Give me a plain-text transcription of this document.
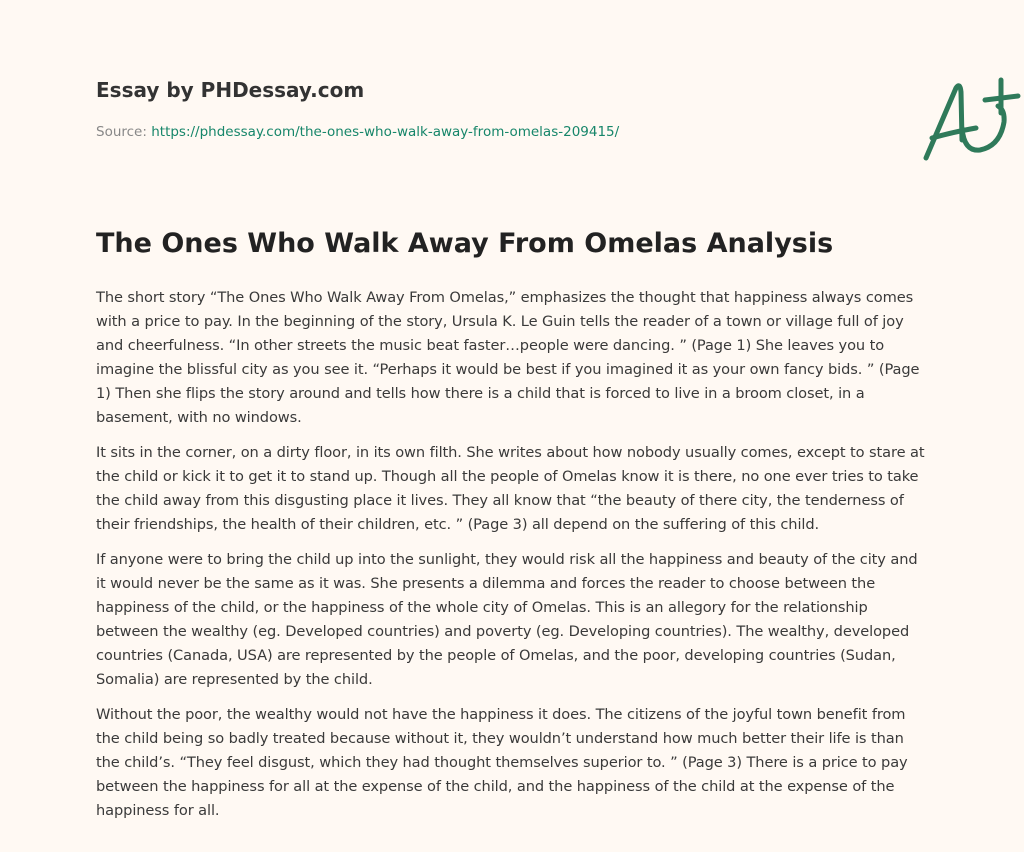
Essay by PHDessay.com
Source: https://phdessay.com/the-ones-who-walk-away-from-omelas-209415/
The Ones Who Walk Away From Omelas Analysis

The short story “The Ones Who Walk Away From Omelas,” emphasizes the thought that happiness always comes with a price to pay. In the beginning of the story, Ursula K. Le Guin tells the reader of a town or village full of joy and cheerfulness. “In other streets the music beat faster…people were dancing. ” (Page 1) She leaves you to imagine the blissful city as you see it. “Perhaps it would be best if you imagined it as your own fancy bids. ” (Page 1) Then she flips the story around and tells how there is a child that is forced to live in a broom closet, in a basement, with no windows.

It sits in the corner, on a dirty floor, in its own filth. She writes about how nobody usually comes, except to stare at the child or kick it to get it to stand up. Though all the people of Omelas know it is there, no one ever tries to take the child away from this disgusting place it lives. They all know that “the beauty of there city, the tenderness of their friendships, the health of their children, etc. ” (Page 3) all depend on the suffering of this child.

If anyone were to bring the child up into the sunlight, they would risk all the happiness and beauty of the city and it would never be the same as it was. She presents a dilemma and forces the reader to choose between the happiness of the child, or the happiness of the whole city of Omelas. This is an allegory for the relationship between the wealthy (eg. Developed countries) and poverty (eg. Developing countries). The wealthy, developed countries (Canada, USA) are represented by the people of Omelas, and the poor, developing countries (Sudan, Somalia) are represented by the child.

Without the poor, the wealthy would not have the happiness it does. The citizens of the joyful town benefit from the child being so badly treated because without it, they wouldn’t understand how much better their life is than the child’s. “They feel disgust, which they had thought themselves superior to. ” (Page 3) There is a price to pay between the happiness for all at the expense of the child, and the happiness of the child at the expense of the happiness for all.
